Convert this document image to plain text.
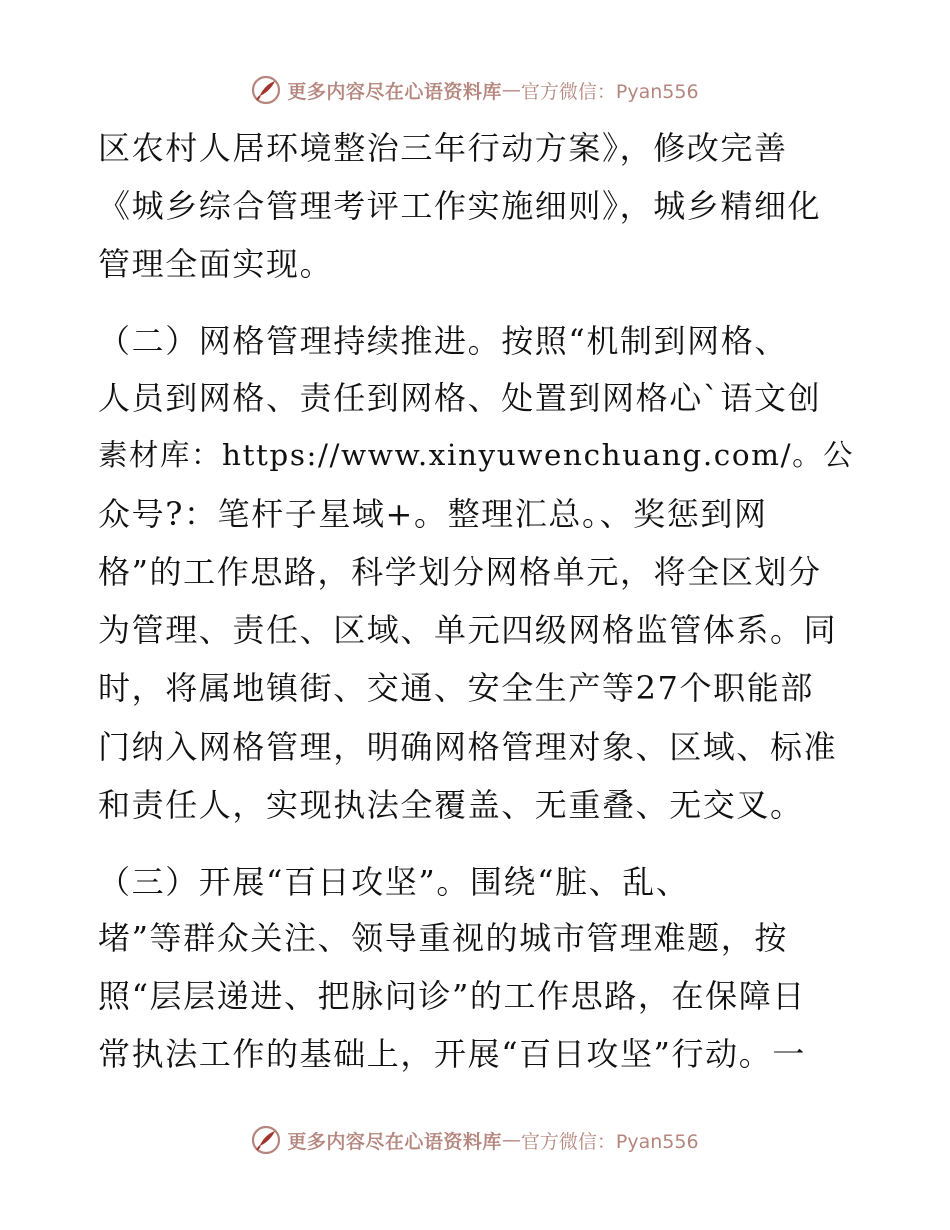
更多内容尽在心语资料库 — 官方微信：Pyan556
区农村人居环境整治三年行动方案》，修改完善
《城乡综合管理考评工作实施细则》，城乡精细化
管理全面实现。
（二）网格管理持续推进。按照“机制到网格、
人员到网格、责任到网格、处置到网格心`语文创
素材库：https://www.xinyuwenchuang.com/。公
众号?：笔杆子星域+。整理汇总。、奖惩到网
格”的工作思路，科学划分网格单元，将全区划分
为管理、责任、区域、单元四级网格监管体系。同
时，将属地镇街、交通、安全生产等27个职能部
门纳入网格管理，明确网格管理对象、区域、标准
和责任人，实现执法全覆盖、无重叠、无交叉。
（三）开展“百日攻坚”。围绕“脏、乱、
堵”等群众关注、领导重视的城市管理难题，按
照“层层递进、把脉问诊”的工作思路，在保障日
常执法工作的基础上，开展“百日攻坚”行动。一
更多内容尽在心语资料库 — 官方微信：Pyan556
